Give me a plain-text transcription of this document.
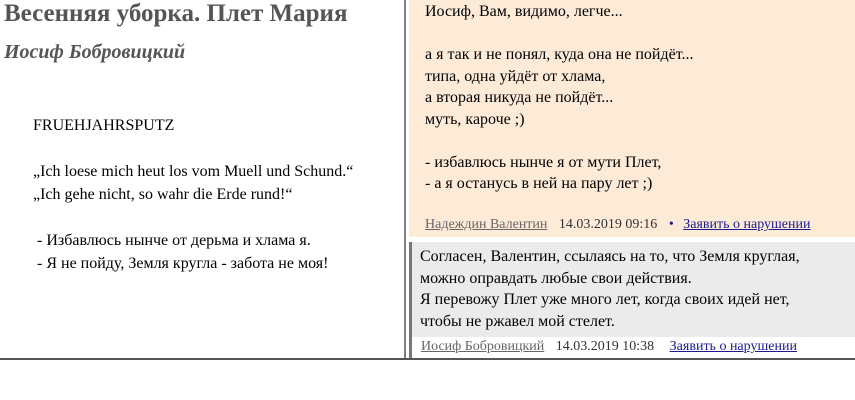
Весенняя уборка. Плет Мария
Иосиф Бобровицкий
FRUEHJAHRSPUTZ
„Ich loese mich heut los vom Muell und Schund.“
„Ich gehe nicht, so wahr die Erde rund!“
- Избавлюсь нынче от дерьма и хлама я.
- Я не пойду, Земля кругла - забота не моя!
Иосиф, Вам, видимо, легче...
а я так и не понял, куда она не пойдёт...
типа, одна уйдёт от хлама,
а вторая никуда не пойдёт...
муть, кароче ;)
- избавлюсь нынче я от мути Плет,
- а я останусь в ней на пару лет ;)
Надеждин Валентин 14.03.2019 09:16 • Заявить о нарушении
Согласен, Валентин, ссылаясь на то, что Земля круглая,
можно оправдать любые свои действия.
Я перевожу Плет уже много лет, когда своих идей нет,
чтобы не ржавел мой стелет.
Иосиф Бобровицкий 14.03.2019 10:38 Заявить о нарушении
